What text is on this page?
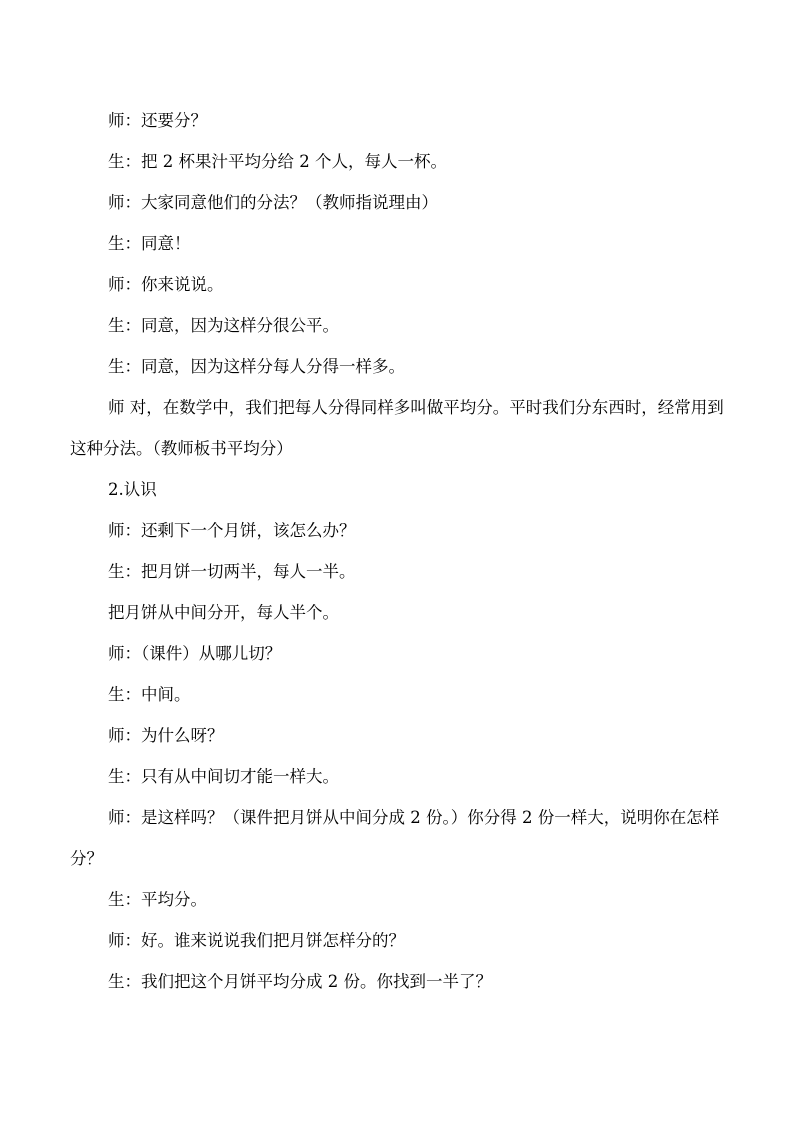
师：还要分？

生：把 2 杯果汁平均分给 2 个人，每人一杯。

师：大家同意他们的分法？（教师指说理由）

生：同意！

师：你来说说。

生：同意，因为这样分很公平。

生：同意，因为这样分每人分得一样多。

师 对，在数学中，我们把每人分得同样多叫做平均分。平时我们分东西时，经常用到这种分法。（教师板书平均分）

2.认识

师：还剩下一个月饼，该怎么办？

生：把月饼一切两半，每人一半。

把月饼从中间分开，每人半个。

师：（课件）从哪儿切？

生：中间。

师：为什么呀？

生：只有从中间切才能一样大。

师：是这样吗？（课件把月饼从中间分成 2 份。）你分得 2 份一样大，说明你在怎样分？

生：平均分。

师：好。谁来说说我们把月饼怎样分的？

生：我们把这个月饼平均分成 2 份。你找到一半了？
